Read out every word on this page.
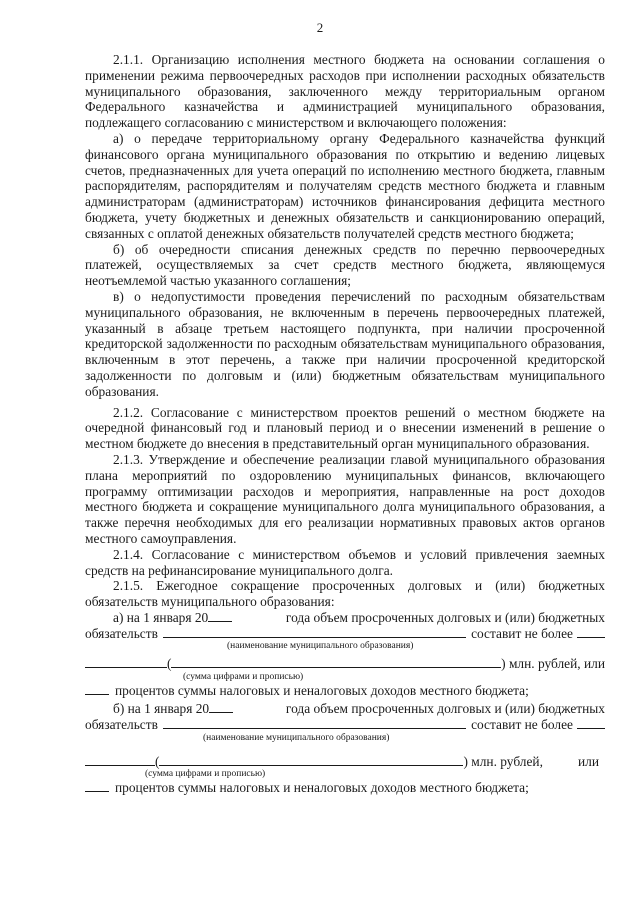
2

2.1.1. Организацию исполнения местного бюджета на основании соглашения о применении режима первоочередных расходов при исполнении расходных обязательств муниципального образования, заключенного между территориальным органом Федерального казначейства и администрацией муниципального образования, подлежащего согласованию с министерством и включающего положения:

а) о передаче территориальному органу Федерального казначейства функций финансового органа муниципального образования по открытию и ведению лицевых счетов, предназначенных для учета операций по исполнению местного бюджета, главным распорядителям, распорядителям и получателям средств местного бюджета и главным администраторам (администраторам) источников финансирования дефицита местного бюджета, учету бюджетных и денежных обязательств и санкционированию операций, связанных с оплатой денежных обязательств получателей средств местного бюджета;

б) об очередности списания денежных средств по перечню первоочередных платежей, осуществляемых за счет средств местного бюджета, являющемуся неотъемлемой частью указанного соглашения;

в) о недопустимости проведения перечислений по расходным обязательствам муниципального образования, не включенным в перечень первоочередных платежей, указанный в абзаце третьем настоящего подпункта, при наличии просроченной кредиторской задолженности по расходным обязательствам муниципального образования, включенным в этот перечень, а также при наличии просроченной кредиторской задолженности по долговым и (или) бюджетным обязательствам муниципального образования.

2.1.2. Согласование с министерством проектов решений о местном бюджете на очередной финансовый год и плановый период и о внесении изменений в решение о местном бюджете до внесения в представительный орган муниципального образования.

2.1.3. Утверждение и обеспечение реализации главой муниципального образования плана мероприятий по оздоровлению муниципальных финансов, включающего программу оптимизации расходов и мероприятия, направленные на рост доходов местного бюджета и сокращение муниципального долга муниципального образования, а также перечня необходимых для его реализации нормативных правовых актов органов местного самоуправления.

2.1.4. Согласование с министерством объемов и условий привлечения заемных средств на рефинансирование муниципального долга.

2.1.5. Ежегодное сокращение просроченных долговых и (или) бюджетных обязательств муниципального образования:

а) на 1 января 20	года объем просроченных долговых и (или) бюджетных
обязательств	составит не более
(наименование муниципального образования)
(	) млн. рублей, или
(сумма цифрами и прописью)
процентов суммы налоговых и неналоговых доходов местного бюджета;
б) на 1 января 20	года объем просроченных долговых и (или) бюджетных
обязательств	составит не более
(наименование муниципального образования)
(	) млн. рублей,	или
(сумма цифрами и прописью)
процентов суммы налоговых и неналоговых доходов местного бюджета;
